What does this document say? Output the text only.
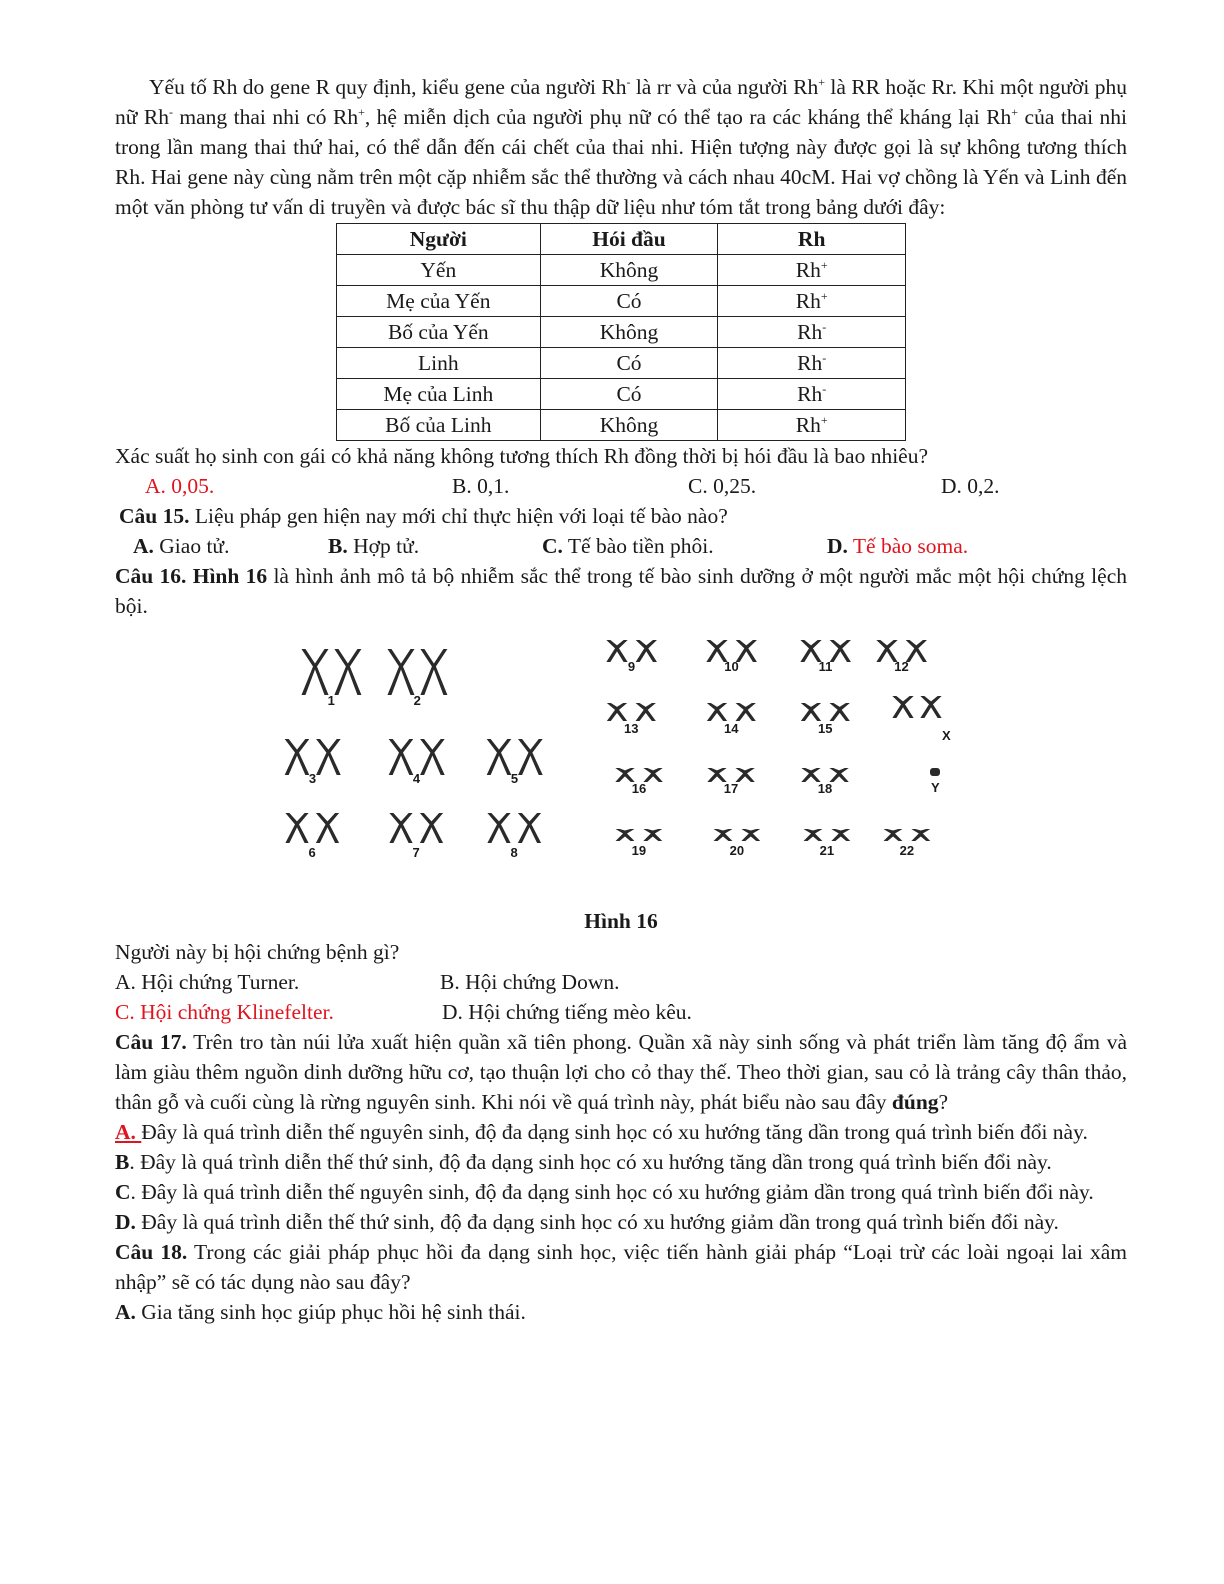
Yếu tố Rh do gene R quy định, kiểu gene của người Rh- là rr và của người Rh+ là RR hoặc Rr. Khi một người phụ nữ Rh- mang thai nhi có Rh+, hệ miễn dịch của người phụ nữ có thể tạo ra các kháng thể kháng lại Rh+ của thai nhi trong lần mang thai thứ hai, có thể dẫn đến cái chết của thai nhi. Hiện tượng này được gọi là sự không tương thích Rh. Hai gene này cùng nằm trên một cặp nhiễm sắc thể thường và cách nhau 40cM. Hai vợ chồng là Yến và Linh đến một văn phòng tư vấn di truyền và được bác sĩ thu thập dữ liệu như tóm tắt trong bảng dưới đây:

Người	Hói đầu	Rh
Yến	Không	Rh+
Mẹ của Yến	Có	Rh+
Bố của Yến	Không	Rh-
Linh	Có	Rh-
Mẹ của Linh	Có	Rh-
Bố của Linh	Không	Rh+

Xác suất họ sinh con gái có khả năng không tương thích Rh đồng thời bị hói đầu là bao nhiêu?

A. 0,05.	B. 0,1.	C. 0,25.	D. 0,2.

Câu 15. Liệu pháp gen hiện nay mới chỉ thực hiện với loại tế bào nào?

A. Giao tử.	B. Hợp tử.	C. Tế bào tiền phôi.	D. Tế bào soma.

Câu 16. Hình 16 là hình ảnh mô tả bộ nhiễm sắc thể trong tế bào sinh dưỡng ở một người mắc một hội chứng lệch bội.

1	2
3	4	5
6	7	8
9	10	11	12
13	14	15
16	17	18
19	20	21	22
X
Y

Hình 16

Người này bị hội chứng bệnh gì?

A. Hội chứng Turner.	B. Hội chứng Down.
C. Hội chứng Klinefelter.	D. Hội chứng tiếng mèo kêu.

Câu 17. Trên tro tàn núi lửa xuất hiện quần xã tiên phong. Quần xã này sinh sống và phát triển làm tăng độ ẩm và làm giàu thêm nguồn dinh dưỡng hữu cơ, tạo thuận lợi cho cỏ thay thế. Theo thời gian, sau cỏ là trảng cây thân thảo, thân gỗ và cuối cùng là rừng nguyên sinh. Khi nói về quá trình này, phát biểu nào sau đây đúng?

A. Đây là quá trình diễn thế nguyên sinh, độ đa dạng sinh học có xu hướng tăng dần trong quá trình biến đổi này.

B. Đây là quá trình diễn thế thứ sinh, độ đa dạng sinh học có xu hướng tăng dần trong quá trình biến đổi này.

C. Đây là quá trình diễn thế nguyên sinh, độ đa dạng sinh học có xu hướng giảm dần trong quá trình biến đổi này.

D. Đây là quá trình diễn thế thứ sinh, độ đa dạng sinh học có xu hướng giảm dần trong quá trình biến đổi này.

Câu 18. Trong các giải pháp phục hồi đa dạng sinh học, việc tiến hành giải pháp “Loại trừ các loài ngoại lai xâm nhập” sẽ có tác dụng nào sau đây?

A. Gia tăng sinh học giúp phục hồi hệ sinh thái.
